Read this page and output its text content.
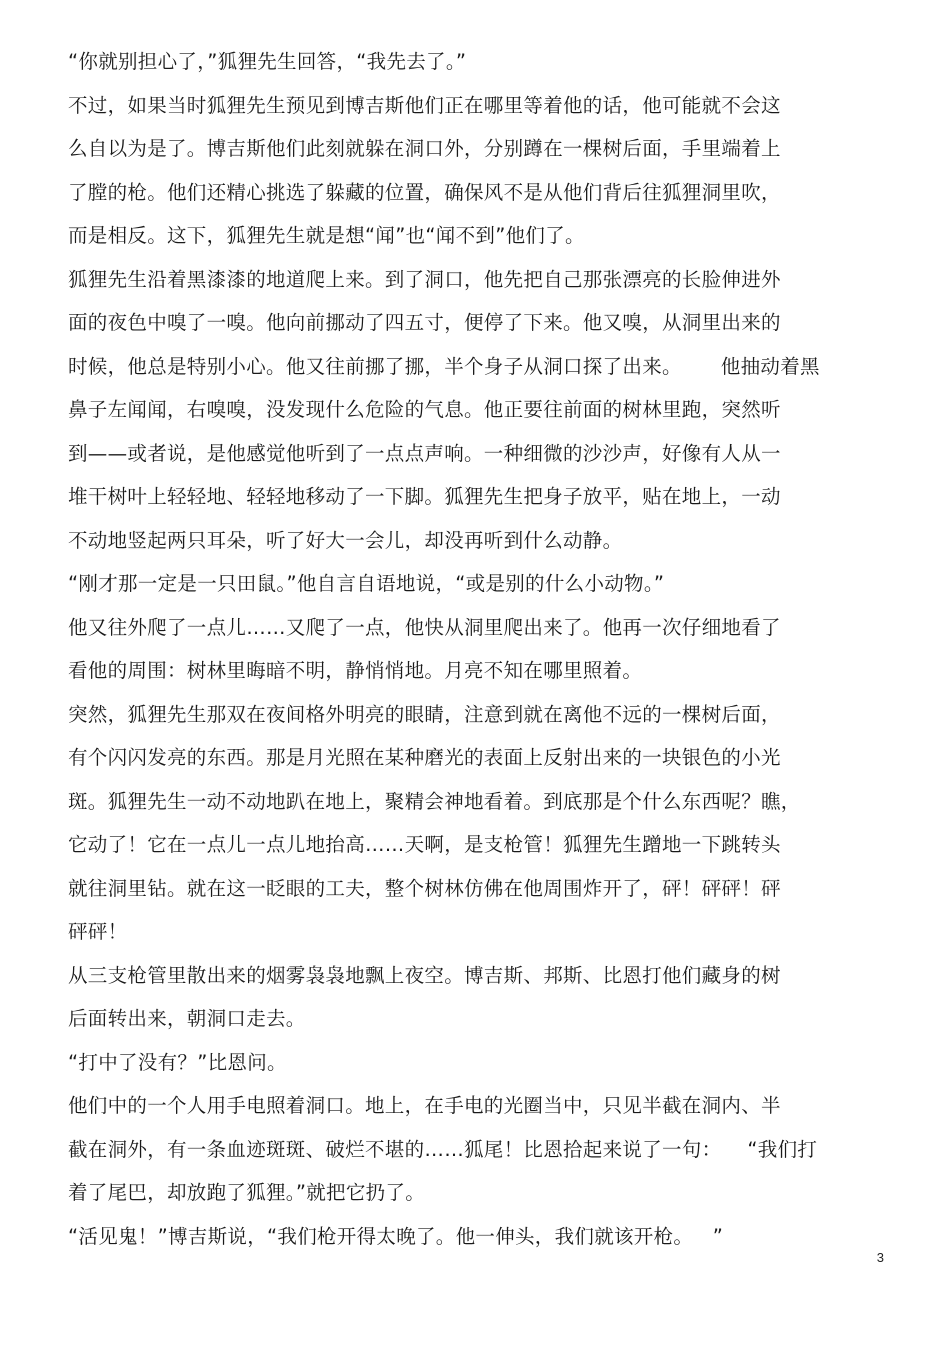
“你就别担心了，”狐狸先生回答，“我先去了。”
不过，如果当时狐狸先生预见到博吉斯他们正在哪里等着他的话，他可能就不会这
么自以为是了。博吉斯他们此刻就躲在洞口外，分别蹲在一棵树后面，手里端着上
了膛的枪。他们还精心挑选了躲藏的位置，确保风不是从他们背后往狐狸洞里吹，
而是相反。这下，狐狸先生就是想“闻”也“闻不到”他们了。
狐狸先生沿着黑漆漆的地道爬上来。到了洞口，他先把自己那张漂亮的长脸伸进外
面的夜色中嗅了一嗅。他向前挪动了四五寸，便停了下来。他又嗅，从洞里出来的
时候，他总是特别小心。他又往前挪了挪，半个身子从洞口探了出来。      他抽动着黑
鼻子左闻闻，右嗅嗅，没发现什么危险的气息。他正要往前面的树林里跑，突然听
到——或者说，是他感觉他听到了一点点声响。一种细微的沙沙声，好像有人从一
堆干树叶上轻轻地、轻轻地移动了一下脚。狐狸先生把身子放平，贴在地上，一动
不动地竖起两只耳朵，听了好大一会儿，却没再听到什么动静。
“刚才那一定是一只田鼠。”他自言自语地说，“或是别的什么小动物。”
他又往外爬了一点儿……又爬了一点，他快从洞里爬出来了。他再一次仔细地看了
看他的周围：树林里晦暗不明，静悄悄地。月亮不知在哪里照着。
突然，狐狸先生那双在夜间格外明亮的眼睛，注意到就在离他不远的一棵树后面，
有个闪闪发亮的东西。那是月光照在某种磨光的表面上反射出来的一块银色的小光
斑。狐狸先生一动不动地趴在地上，聚精会神地看着。到底那是个什么东西呢？瞧，
它动了！它在一点儿一点儿地抬高……天啊，是支枪管！狐狸先生蹭地一下跳转头
就往洞里钻。就在这一眨眼的工夫，整个树林仿佛在他周围炸开了，砰！砰砰！砰
砰砰！
从三支枪管里散出来的烟雾袅袅地飘上夜空。博吉斯、邦斯、比恩打他们藏身的树
后面转出来，朝洞口走去。
“打中了没有？”比恩问。
他们中的一个人用手电照着洞口。地上，在手电的光圈当中，只见半截在洞内、半
截在洞外，有一条血迹斑斑、破烂不堪的……狐尾！比恩拾起来说了一句：    “我们打
着了尾巴，却放跑了狐狸。”就把它扔了。
“活见鬼！”博吉斯说，“我们枪开得太晚了。他一伸头，我们就该开枪。   ”
3
